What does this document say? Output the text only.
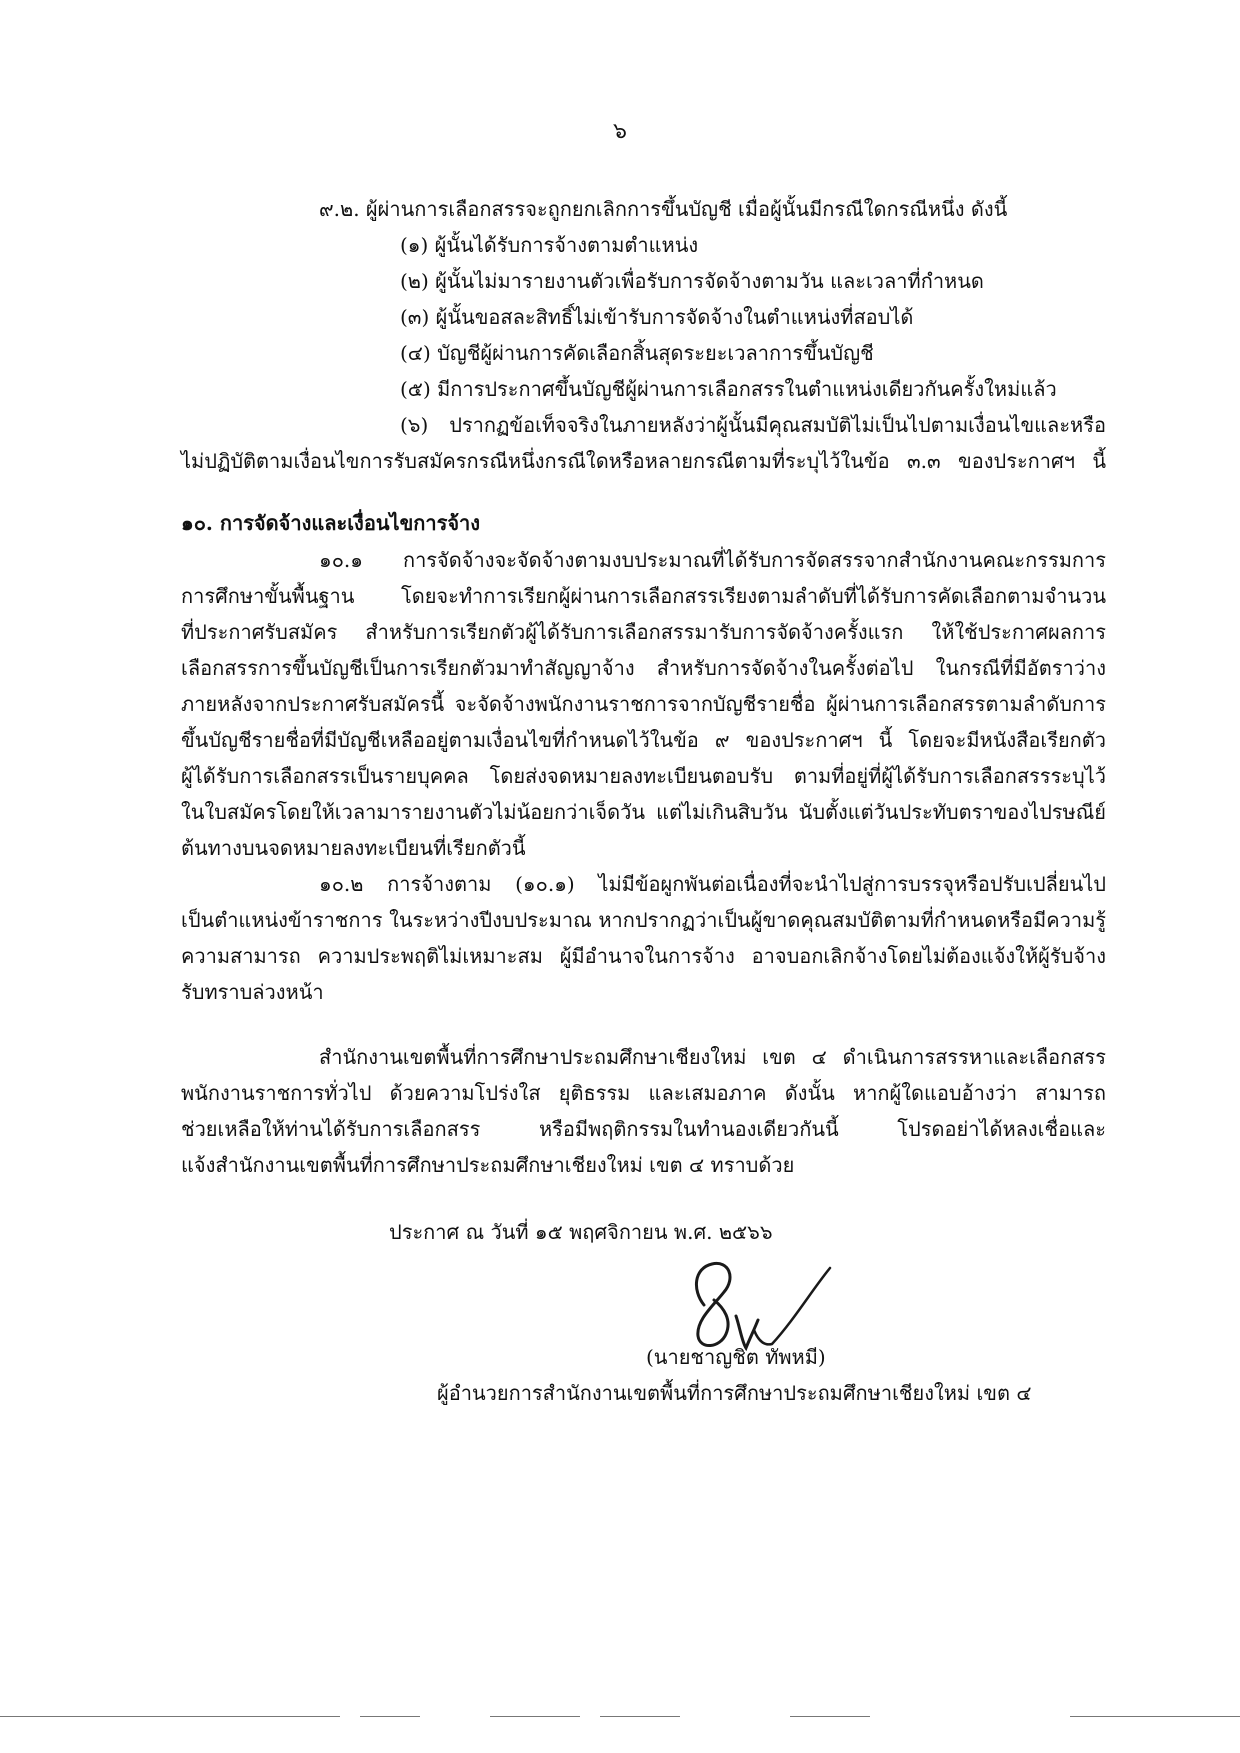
๖
๙.๒. ผู้ผ่านการเลือกสรรจะถูกยกเลิกการขึ้นบัญชี เมื่อผู้นั้นมีกรณีใดกรณีหนึ่ง ดังนี้
(๑) ผู้นั้นได้รับการจ้างตามตำแหน่ง
(๒) ผู้นั้นไม่มารายงานตัวเพื่อรับการจัดจ้างตามวัน และเวลาที่กำหนด
(๓) ผู้นั้นขอสละสิทธิ์ไม่เข้ารับการจัดจ้างในตำแหน่งที่สอบได้
(๔) บัญชีผู้ผ่านการคัดเลือกสิ้นสุดระยะเวลาการขึ้นบัญชี
(๕) มีการประกาศขึ้นบัญชีผู้ผ่านการเลือกสรรในตำแหน่งเดียวกันครั้งใหม่แล้ว
(๖) ปรากฏข้อเท็จจริงในภายหลังว่าผู้นั้นมีคุณสมบัติไม่เป็นไปตามเงื่อนไขและหรือ
ไม่ปฏิบัติตามเงื่อนไขการรับสมัครกรณีหนึ่งกรณีใดหรือหลายกรณีตามที่ระบุไว้ในข้อ ๓.๓ ของประกาศฯ นี้
๑๐. การจัดจ้างและเงื่อนไขการจ้าง
๑๐.๑ การจัดจ้างจะจัดจ้างตามงบประมาณที่ได้รับการจัดสรรจากสำนักงานคณะกรรมการ
การศึกษาขั้นพื้นฐาน โดยจะทำการเรียกผู้ผ่านการเลือกสรรเรียงตามลำดับที่ได้รับการคัดเลือกตามจำนวน
ที่ประกาศรับสมัคร สำหรับการเรียกตัวผู้ได้รับการเลือกสรรมารับการจัดจ้างครั้งแรก ให้ใช้ประกาศผลการ
เลือกสรรการขึ้นบัญชีเป็นการเรียกตัวมาทำสัญญาจ้าง สำหรับการจัดจ้างในครั้งต่อไป ในกรณีที่มีอัตราว่าง
ภายหลังจากประกาศรับสมัครนี้ จะจัดจ้างพนักงานราชการจากบัญชีรายชื่อ ผู้ผ่านการเลือกสรรตามลำดับการ
ขึ้นบัญชีรายชื่อที่มีบัญชีเหลืออยู่ตามเงื่อนไขที่กำหนดไว้ในข้อ ๙ ของประกาศฯ นี้ โดยจะมีหนังสือเรียกตัว
ผู้ได้รับการเลือกสรรเป็นรายบุคคล โดยส่งจดหมายลงทะเบียนตอบรับ ตามที่อยู่ที่ผู้ได้รับการเลือกสรรระบุไว้
ในใบสมัครโดยให้เวลามารายงานตัวไม่น้อยกว่าเจ็ดวัน แต่ไม่เกินสิบวัน นับตั้งแต่วันประทับตราของไปรษณีย์
ต้นทางบนจดหมายลงทะเบียนที่เรียกตัวนี้
๑๐.๒ การจ้างตาม (๑๐.๑) ไม่มีข้อผูกพันต่อเนื่องที่จะนำไปสู่การบรรจุหรือปรับเปลี่ยนไป
เป็นตำแหน่งข้าราชการ ในระหว่างปีงบประมาณ หากปรากฏว่าเป็นผู้ขาดคุณสมบัติตามที่กำหนดหรือมีความรู้
ความสามารถ ความประพฤติไม่เหมาะสม ผู้มีอำนาจในการจ้าง อาจบอกเลิกจ้างโดยไม่ต้องแจ้งให้ผู้รับจ้าง
รับทราบล่วงหน้า
สำนักงานเขตพื้นที่การศึกษาประถมศึกษาเชียงใหม่ เขต ๔ ดำเนินการสรรหาและเลือกสรร
พนักงานราชการทั่วไป ด้วยความโปร่งใส ยุติธรรม และเสมอภาค ดังนั้น หากผู้ใดแอบอ้างว่า สามารถ
ช่วยเหลือให้ท่านได้รับการเลือกสรร หรือมีพฤติกรรมในทำนองเดียวกันนี้ โปรดอย่าได้หลงเชื่อและ
แจ้งสำนักงานเขตพื้นที่การศึกษาประถมศึกษาเชียงใหม่ เขต ๔ ทราบด้วย
ประกาศ ณ วันที่ ๑๕ พฤศจิกายน พ.ศ. ๒๕๖๖
(นายชาญชิต ทัพหมี)
ผู้อำนวยการสำนักงานเขตพื้นที่การศึกษาประถมศึกษาเชียงใหม่ เขต ๔
